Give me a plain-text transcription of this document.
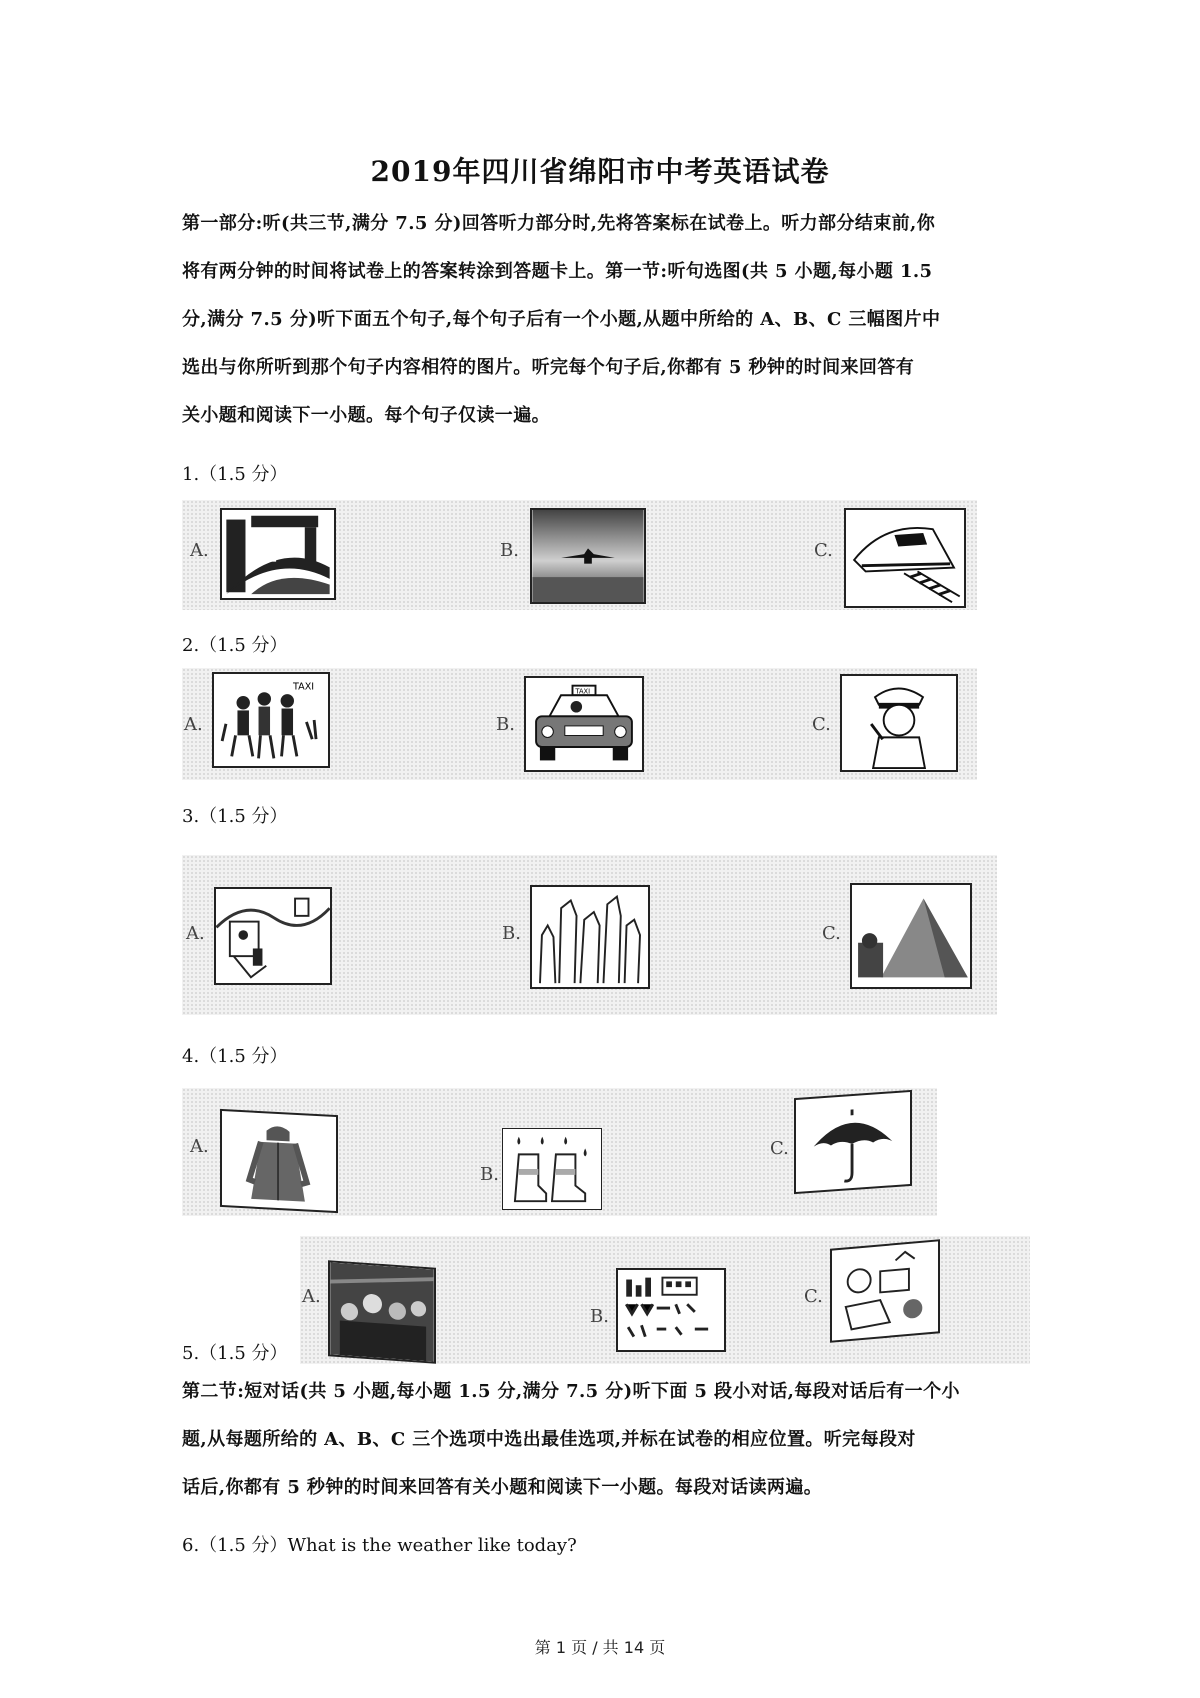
2019年四川省绵阳市中考英语试卷
第一部分:听(共三节,满分 7.5 分)回答听力部分时,先将答案标在试卷上。听力部分结束前,你
将有两分钟的时间将试卷上的答案转涂到答题卡上。第一节:听句选图(共 5 小题,每小题 1.5
分,满分 7.5 分)听下面五个句子,每个句子后有一个小题,从题中所给的 A、B、C 三幅图片中
选出与你所听到那个句子内容相符的图片。听完每个句子后,你都有 5 秒钟的时间来回答有
关小题和阅读下一小题。每个句子仅读一遍。
1.（1.5 分）
A.	B.	C.
2.（1.5 分）
A.
TAXI
B.
TAXI
C.
3.（1.5 分）
A.	B.	C.
4.（1.5 分）
A.
B.
C.
A.
B.
C.
5.（1.5 分）
第二节:短对话(共 5 小题,每小题 1.5 分,满分 7.5 分)听下面 5 段小对话,每段对话后有一个小
题,从每题所给的 A、B、C 三个选项中选出最佳选项,并标在试卷的相应位置。听完每段对
话后,你都有 5 秒钟的时间来回答有关小题和阅读下一小题。每段对话读两遍。
6.（1.5 分）What is the weather like today?
第 1 页 / 共 14 页
